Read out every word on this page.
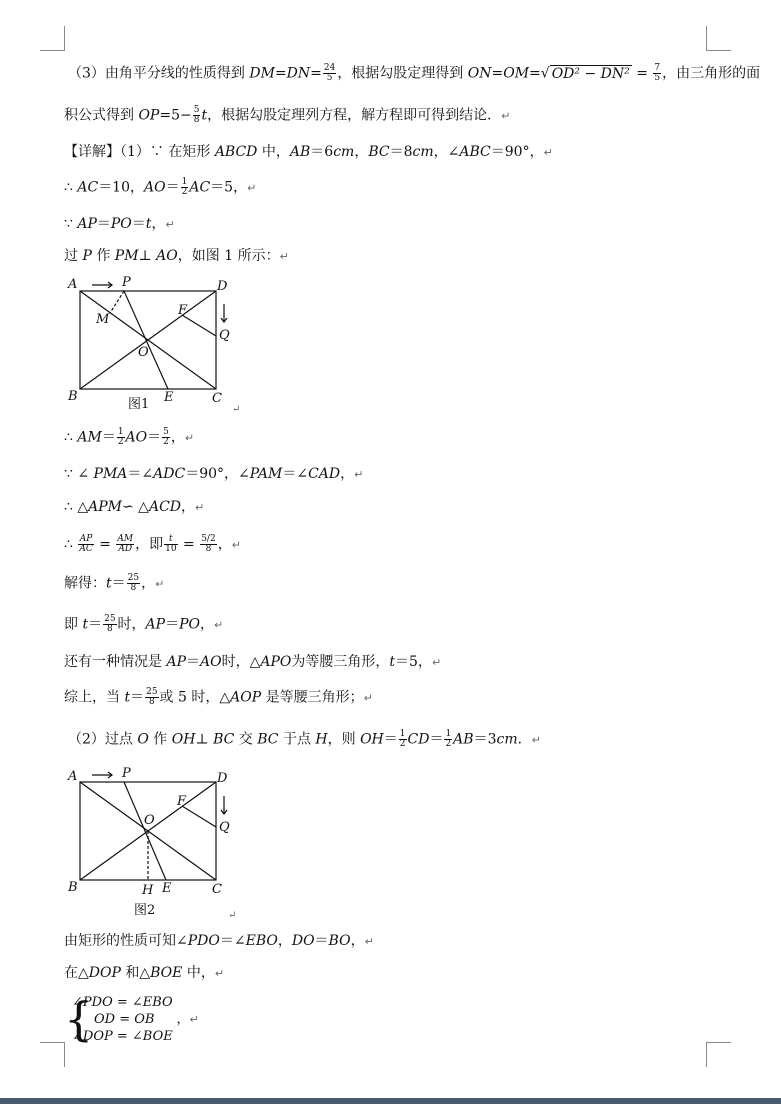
（3）由角平分线的性质得到 $DM=DN= \frac{24}{5}$ ，根据勾股定理得到 ON=OM=√ $OD^2 - DN^2 = \frac{7}{5}$ ，由三角形的面
积公式得到 $OP=5- \frac{5}{8}$ t，根据勾股定理列方程，解方程即可得到结论．↵
【详解】（1）∵ 在矩形 ABCD 中，AB＝6cm，BC＝8cm，∠ABC＝90°，↵
∴ AC＝10，$AO= \frac{1}{2} AC=5$，↵
∵ AP＝PO＝t，↵
过 P 作 PM⊥ AO，如图 1 所示：↵
A	P	D
M
F
Q
O
B	E	C
图1	↵
∴ $AM= \frac{1}{2} AO= \frac{5}{2}$ ，↵
∵ ∠ PMA＝∠ADC＝90°，∠PAM＝∠CAD，↵
∴ △APM∽ △ACD，↵
∴ $\frac{AP}{AC} = \frac{AM}{AD}$ ，即 $\frac{t}{10} = \frac{5/2}{8}$ ，↵
解得：$t= \frac{25}{8}$ ，↵
即 $t= \frac{25}{8}$ 时，AP＝PO，↵
还有一种情况是 AP＝AO时，△APO为等腰三角形，t＝5，↵
综上，当 $t= \frac{25}{8}$ 或 5 时，△AOP 是等腰三角形；↵
（2）过点 O 作 OH⊥ BC 交 BC 于点 H，则 $OH= \frac{1}{2} CD= \frac{1}{2} AB=3cm$．↵
A	P	D
F
Q
O
B	H E	C
图2	↵
由矩形的性质可知∠PDO＝∠EBO，DO＝BO，↵
在△DOP 和△BOE 中，↵
{
∠PDO = ∠EBO
OD = OB ，↵
∠DOP = ∠BOE
